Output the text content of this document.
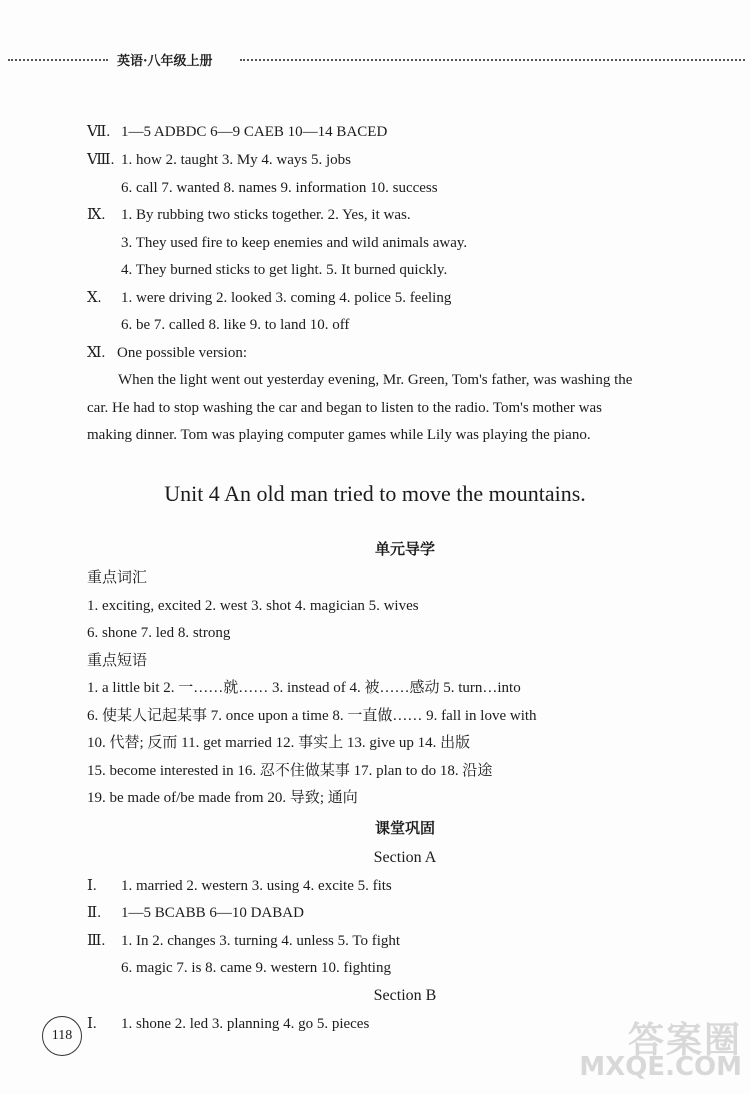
英语·八年级上册
Ⅶ. 1—5 ADBDC 6—9 CAEB 10—14 BACED
Ⅷ. 1. how 2. taught 3. My 4. ways 5. jobs
6. call 7. wanted 8. names 9. information 10. success
Ⅸ. 1. By rubbing two sticks together. 2. Yes, it was.
3. They used fire to keep enemies and wild animals away.
4. They burned sticks to get light. 5. It burned quickly.
Ⅹ. 1. were driving 2. looked 3. coming 4. police 5. feeling
6. be 7. called 8. like 9. to land 10. off
Ⅺ. One possible version:
When the light went out yesterday evening, Mr. Green, Tom's father, was washing the
car. He had to stop washing the car and began to listen to the radio. Tom's mother was
making dinner. Tom was playing computer games while Lily was playing the piano.
Unit 4 An old man tried to move the mountains.
单元导学
重点词汇
1. exciting, excited 2. west 3. shot 4. magician 5. wives
6. shone 7. led 8. strong
重点短语
1. a little bit 2. 一……就…… 3. instead of 4. 被……感动 5. turn…into
6. 使某人记起某事 7. once upon a time 8. 一直做…… 9. fall in love with
10. 代替; 反而 11. get married 12. 事实上 13. give up 14. 出版
15. become interested in 16. 忍不住做某事 17. plan to do 18. 沿途
19. be made of/be made from 20. 导致; 通向
课堂巩固
Section A
Ⅰ. 1. married 2. western 3. using 4. excite 5. fits
Ⅱ. 1—5 BCABB 6—10 DABAD
Ⅲ. 1. In 2. changes 3. turning 4. unless 5. To fight
6. magic 7. is 8. came 9. western 10. fighting
Section B
Ⅰ. 1. shone 2. led 3. planning 4. go 5. pieces
118	答案圈
MXQE.COM
